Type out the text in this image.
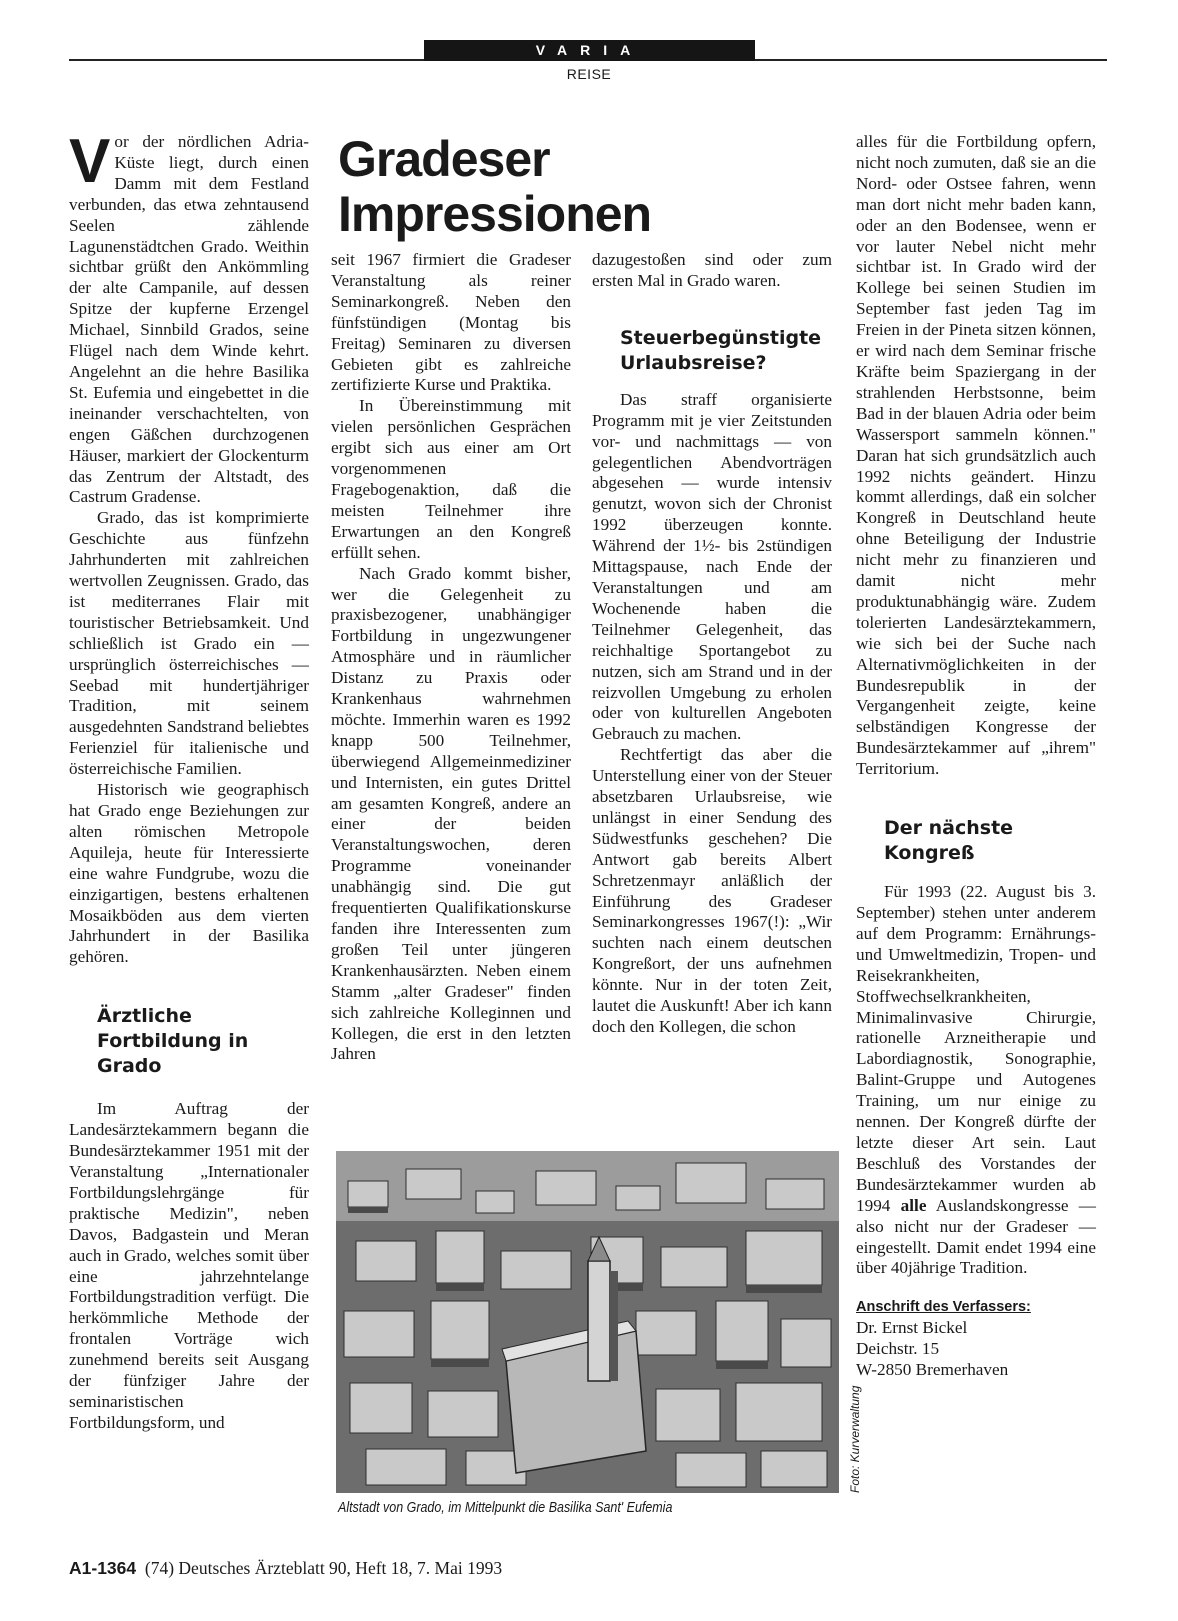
VARIA
REISE

Vor der nördlichen Adria-Küste liegt, durch einen Damm mit dem Festland verbunden, das etwa zehntausend Seelen zählende Lagunenstädtchen Grado. Weithin sichtbar grüßt den Ankömmling der alte Campanile, auf dessen Spitze der kupferne Erzengel Michael, Sinnbild Grados, seine Flügel nach dem Winde kehrt. Angelehnt an die hehre Basilika St. Eufemia und eingebettet in die ineinander verschachtelten, von engen Gäßchen durchzogenen Häuser, markiert der Glockenturm das Zentrum der Altstadt, des Castrum Gradense.

Grado, das ist komprimierte Geschichte aus fünfzehn Jahrhunderten mit zahlreichen wertvollen Zeugnissen. Grado, das ist mediterranes Flair mit touristischer Betriebsamkeit. Und schließlich ist Grado ein — ursprünglich österreichisches — Seebad mit hundertjähriger Tradition, mit seinem ausgedehnten Sandstrand beliebtes Ferienziel für italienische und österreichische Familien.

Historisch wie geographisch hat Grado enge Beziehungen zur alten römischen Metropole Aquileja, heute für Interessierte eine wahre Fundgrube, wozu die einzigartigen, bestens erhaltenen Mosaikböden aus dem vierten Jahrhundert in der Basilika gehören.

Ärztliche Fortbildung in Grado

Im Auftrag der Landesärztekammern begann die Bundesärztekammer 1951 mit der Veranstaltung „Internationaler Fortbildungslehrgänge für praktische Medizin", neben Davos, Badgastein und Meran auch in Grado, welches somit über eine jahrzehntelange Fortbildungstradition verfügt. Die herkömmliche Methode der frontalen Vorträge wich zunehmend bereits seit Ausgang der fünfziger Jahre der seminaristischen Fortbildungsform, und

Gradeser
Impressionen

seit 1967 firmiert die Gradeser Veranstaltung als reiner Seminarkongreß. Neben den fünfstündigen (Montag bis Freitag) Seminaren zu diversen Gebieten gibt es zahlreiche zertifizierte Kurse und Praktika.

In Übereinstimmung mit vielen persönlichen Gesprächen ergibt sich aus einer am Ort vorgenommenen Fragebogenaktion, daß die meisten Teilnehmer ihre Erwartungen an den Kongreß erfüllt sehen.

Nach Grado kommt bisher, wer die Gelegenheit zu praxisbezogener, unabhängiger Fortbildung in ungezwungener Atmosphäre und in räumlicher Distanz zu Praxis oder Krankenhaus wahrnehmen möchte. Immerhin waren es 1992 knapp 500 Teilnehmer, überwiegend Allgemeinmediziner und Internisten, ein gutes Drittel am gesamten Kongreß, andere an einer der beiden Veranstaltungswochen, deren Programme voneinander unabhängig sind. Die gut frequentierten Qualifikationskurse fanden ihre Interessenten zum großen Teil unter jüngeren Krankenhausärzten. Neben einem Stamm „alter Gradeser" finden sich zahlreiche Kolleginnen und Kollegen, die erst in den letzten Jahren

dazugestoßen sind oder zum ersten Mal in Grado waren.

Steuerbegünstigte Urlaubsreise?

Das straff organisierte Programm mit je vier Zeitstunden vor- und nachmittags — von gelegentlichen Abendvorträgen abgesehen — wurde intensiv genutzt, wovon sich der Chronist 1992 überzeugen konnte. Während der 1½- bis 2stündigen Mittagspause, nach Ende der Veranstaltungen und am Wochenende haben die Teilnehmer Gelegenheit, das reichhaltige Sportangebot zu nutzen, sich am Strand und in der reizvollen Umgebung zu erholen oder von kulturellen Angeboten Gebrauch zu machen.

Rechtfertigt das aber die Unterstellung einer von der Steuer absetzbaren Urlaubsreise, wie unlängst in einer Sendung des Südwestfunks geschehen? Die Antwort gab bereits Albert Schretzenmayr anläßlich der Einführung des Gradeser Seminarkongresses 1967(!): „Wir suchten nach einem deutschen Kongreßort, der uns aufnehmen könnte. Nur in der toten Zeit, lautet die Auskunft! Aber ich kann doch den Kollegen, die schon

alles für die Fortbildung opfern, nicht noch zumuten, daß sie an die Nord- oder Ostsee fahren, wenn man dort nicht mehr baden kann, oder an den Bodensee, wenn er vor lauter Nebel nicht mehr sichtbar ist. In Grado wird der Kollege bei seinen Studien im September fast jeden Tag im Freien in der Pineta sitzen können, er wird nach dem Seminar frische Kräfte beim Spaziergang in der strahlenden Herbstsonne, beim Bad in der blauen Adria oder beim Wassersport sammeln können." Daran hat sich grundsätzlich auch 1992 nichts geändert. Hinzu kommt allerdings, daß ein solcher Kongreß in Deutschland heute ohne Beteiligung der Industrie nicht mehr zu finanzieren und damit nicht mehr produktunabhängig wäre. Zudem tolerierten Landesärztekammern, wie sich bei der Suche nach Alternativmöglichkeiten in der Bundesrepublik in der Vergangenheit zeigte, keine selbständigen Kongresse der Bundesärztekammer auf „ihrem" Territorium.

Der nächste Kongreß

Für 1993 (22. August bis 3. September) stehen unter anderem auf dem Programm: Ernährungs- und Umweltmedizin, Tropen- und Reisekrankheiten, Stoffwechselkrankheiten, Minimalinvasive Chirurgie, rationelle Arzneitherapie und Labordiagnostik, Sonographie, Balint-Gruppe und Autogenes Training, um nur einige zu nennen. Der Kongreß dürfte der letzte dieser Art sein. Laut Beschluß des Vorstandes der Bundesärztekammer wurden ab 1994 alle Auslandskongresse — also nicht nur der Gradeser — eingestellt. Damit endet 1994 eine über 40jährige Tradition.

Anschrift des Verfassers:
Dr. Ernst Bickel
Deichstr. 15
W-2850 Bremerhaven
Foto: Kurverwaltung
Altstadt von Grado, im Mittelpunkt die Basilika Sant' Eufemia
A1-1364 (74) Deutsches Ärzteblatt 90, Heft 18, 7. Mai 1993
